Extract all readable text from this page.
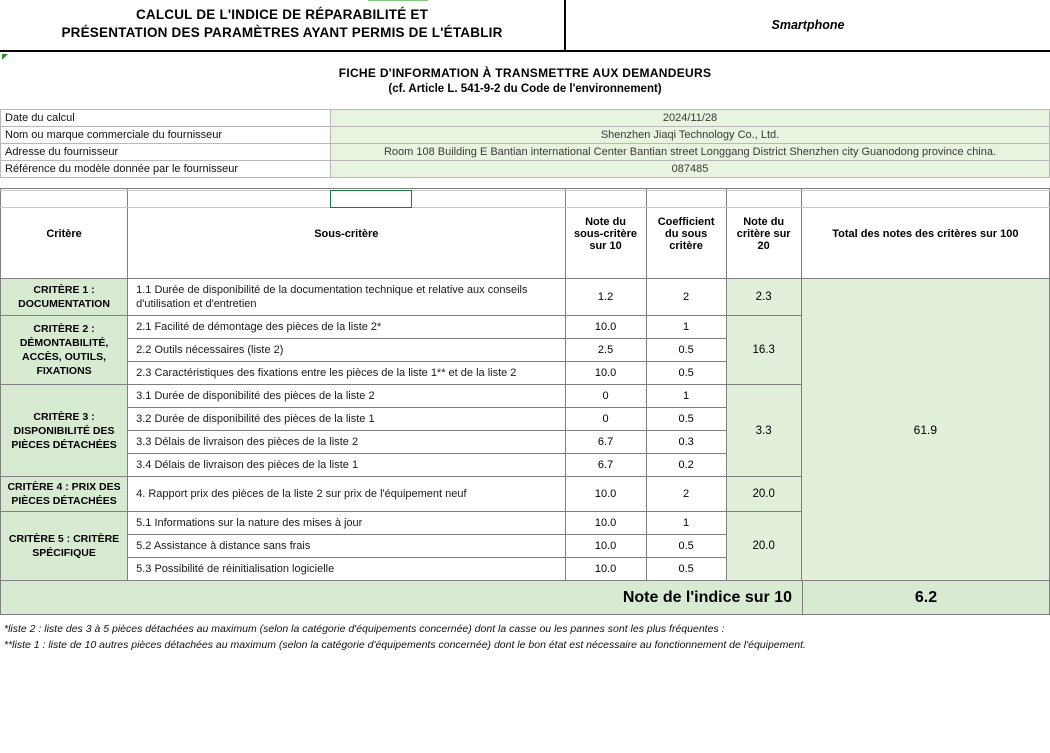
CALCUL DE L'INDICE DE RÉPARABILITÉ ET
PRÉSENTATION DES PARAMÈTRES AYANT PERMIS DE L'ÉTABLIR	Smartphone
FICHE D'INFORMATION À TRANSMETTRE AUX DEMANDEURS
(cf. Article L. 541-9-2 du Code de l'environnement)
Date du calcul	2024/11/28
Nom ou marque commerciale du fournisseur	Shenzhen Jiaqi Technology Co., Ltd.
Adresse du fournisseur	Room 108 Building E Bantian international Center Bantian street Longgang District Shenzhen city Guanodong province china.
Référence du modèle donnée par le fournisseur	087485
Critère	Sous-critère	Note du sous-critère sur 10	Coefficient du sous critère	Note du critère sur 20	Total des notes des critères sur 100
CRITÈRE 1 : DOCUMENTATION	1.1 Durée de disponibilité de la documentation technique et relative aux conseils d'utilisation et d'entretien	1.2	2	2.3	61.9
CRITÈRE 2 : DÉMONTABILITÉ, ACCÈS, OUTILS, FIXATIONS	2.1 Facilité de démontage des pièces de la liste 2*	10.0	1	16.3	
	2.2 Outils nécessaires (liste 2)	2.5	0.5		
	2.3 Caractéristiques des fixations entre les pièces de la liste 1** et de la liste 2	10.0	0.5		
CRITÈRE 3 : DISPONIBILITÉ DES PIÈCES DÉTACHÉES	3.1 Durée de disponibilité des pièces de la liste 2	0	1	3.3	
	3.2 Durée de disponibilité des pièces de la liste 1	0	0.5		
	3.3 Délais de livraison des pièces de la liste 2	6.7	0.3		
	3.4 Délais de livraison des pièces de la liste 1	6.7	0.2		
CRITÈRE 4 : PRIX DES PIÈCES DÉTACHÉES	4. Rapport prix des pièces de la liste 2 sur prix de l'équipement neuf	10.0	2	20.0	
CRITÈRE 5 : CRITÈRE SPÉCIFIQUE	5.1 Informations sur la nature des mises à jour	10.0	1	20.0	
	5.2 Assistance à distance sans frais	10.0	0.5		
	5.3 Possibilité de réinitialisation logicielle	10.0	0.5		
Note de l'indice sur 10	6.2
*liste 2 : liste des 3 à 5 pièces détachées au maximum (selon la catégorie d'équipements concernée) dont la casse ou les pannes sont les plus fréquentes :
**liste 1 : liste de 10 autres pièces détachées au maximum (selon la catégorie d'équipements concernée) dont le bon état est nécessaire au fonctionnement de l'équipement.
